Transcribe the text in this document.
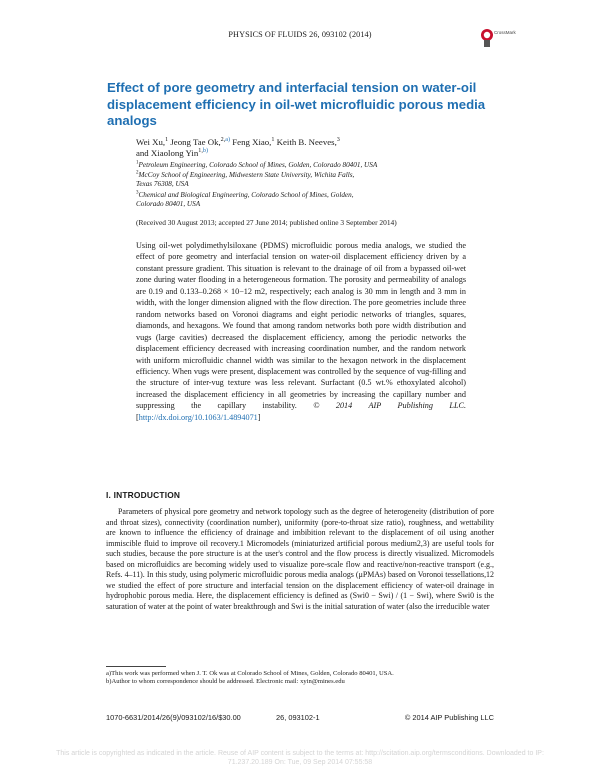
PHYSICS OF FLUIDS 26, 093102 (2014)	CrossMark
Effect of pore geometry and interfacial tension on water-oil displacement efficiency in oil-wet microfluidic porous media analogs
Wei Xu,$^1$ Jeong Tae Ok,$^{2,a)}$ Feng Xiao,$^1$ Keith B. Neeves,$^3$
and Xiaolong Yin$^{1,b)}$
$^1$Petroleum Engineering, Colorado School of Mines, Golden, Colorado 80401, USA
$^2$McCoy School of Engineering, Midwestern State University, Wichita Falls,
Texas 76308, USA
$^3$Chemical and Biological Engineering, Colorado School of Mines, Golden,
Colorado 80401, USA
(Received 30 August 2013; accepted 27 June 2014; published online 3 September 2014)
Using oil-wet polydimethylsiloxane (PDMS) microfluidic porous media analogs, we studied the effect of pore geometry and interfacial tension on water-oil displacement efficiency driven by a constant pressure gradient. This situation is relevant to the drainage of oil from a bypassed oil-wet zone during water flooding in a heterogeneous formation. The porosity and permeability of analogs are 0.19 and 0.133–0.268 × 10−12 m2, respectively; each analog is 30 mm in length and 3 mm in width, with the longer dimension aligned with the flow direction. The pore geometries include three random networks based on Voronoi diagrams and eight periodic networks of triangles, squares, diamonds, and hexagons. We found that among random networks both pore width distribution and vugs (large cavities) decreased the displacement efficiency, among the periodic networks the displacement efficiency decreased with increasing coordination number, and the random network with uniform microfluidic channel width was similar to the hexagon network in the displacement efficiency. When vugs were present, displacement was controlled by the sequence of vug-filling and the structure of inter-vug texture was less relevant. Surfactant (0.5 wt.% ethoxylated alcohol) increased the displacement efficiency in all geometries by increasing the capillary number and suppressing the capillary instability. © 2014 AIP Publishing LLC. [http://dx.doi.org/10.1063/1.4894071]
I. INTRODUCTION
Parameters of physical pore geometry and network topology such as the degree of heterogeneity (distribution of pore and throat sizes), connectivity (coordination number), uniformity (pore-to-throat size ratio), roughness, and wettability are known to influence the efficiency of drainage and imbibition relevant to the displacement of oil using another immiscible fluid to improve oil recovery.1 Micromodels (miniaturized artificial porous medium2,3) are useful tools for such studies, because the pore structure is at the user's control and the flow process is directly visualized. Micromodels based on microfluidics are becoming widely used to visualize pore-scale flow and reactive/non-reactive transport (e.g., Refs. 4–11). In this study, using polymeric microfluidic porous media analogs (μPMAs) based on Voronoi tessellations,12 we studied the effect of pore structure and interfacial tension on the displacement efficiency of water-oil drainage in hydrophobic porous media. Here, the displacement efficiency is defined as (Swi0 − Swi) / (1 − Swi), where Swi0 is the saturation of water at the point of water breakthrough and Swi is the initial saturation of water (also the irreducible water
a)This work was performed when J. T. Ok was at Colorado School of Mines, Golden, Colorado 80401, USA.
b)Author to whom correspondence should be addressed. Electronic mail: xyin@mines.edu
1070-6631/2014/26(9)/093102/16/$30.00	26, 093102-1	© 2014 AIP Publishing LLC
This article is copyrighted as indicated in the article. Reuse of AIP content is subject to the terms at: http://scitation.aip.org/termsconditions. Downloaded to IP:
71.237.20.189 On: Tue, 09 Sep 2014 07:55:58
